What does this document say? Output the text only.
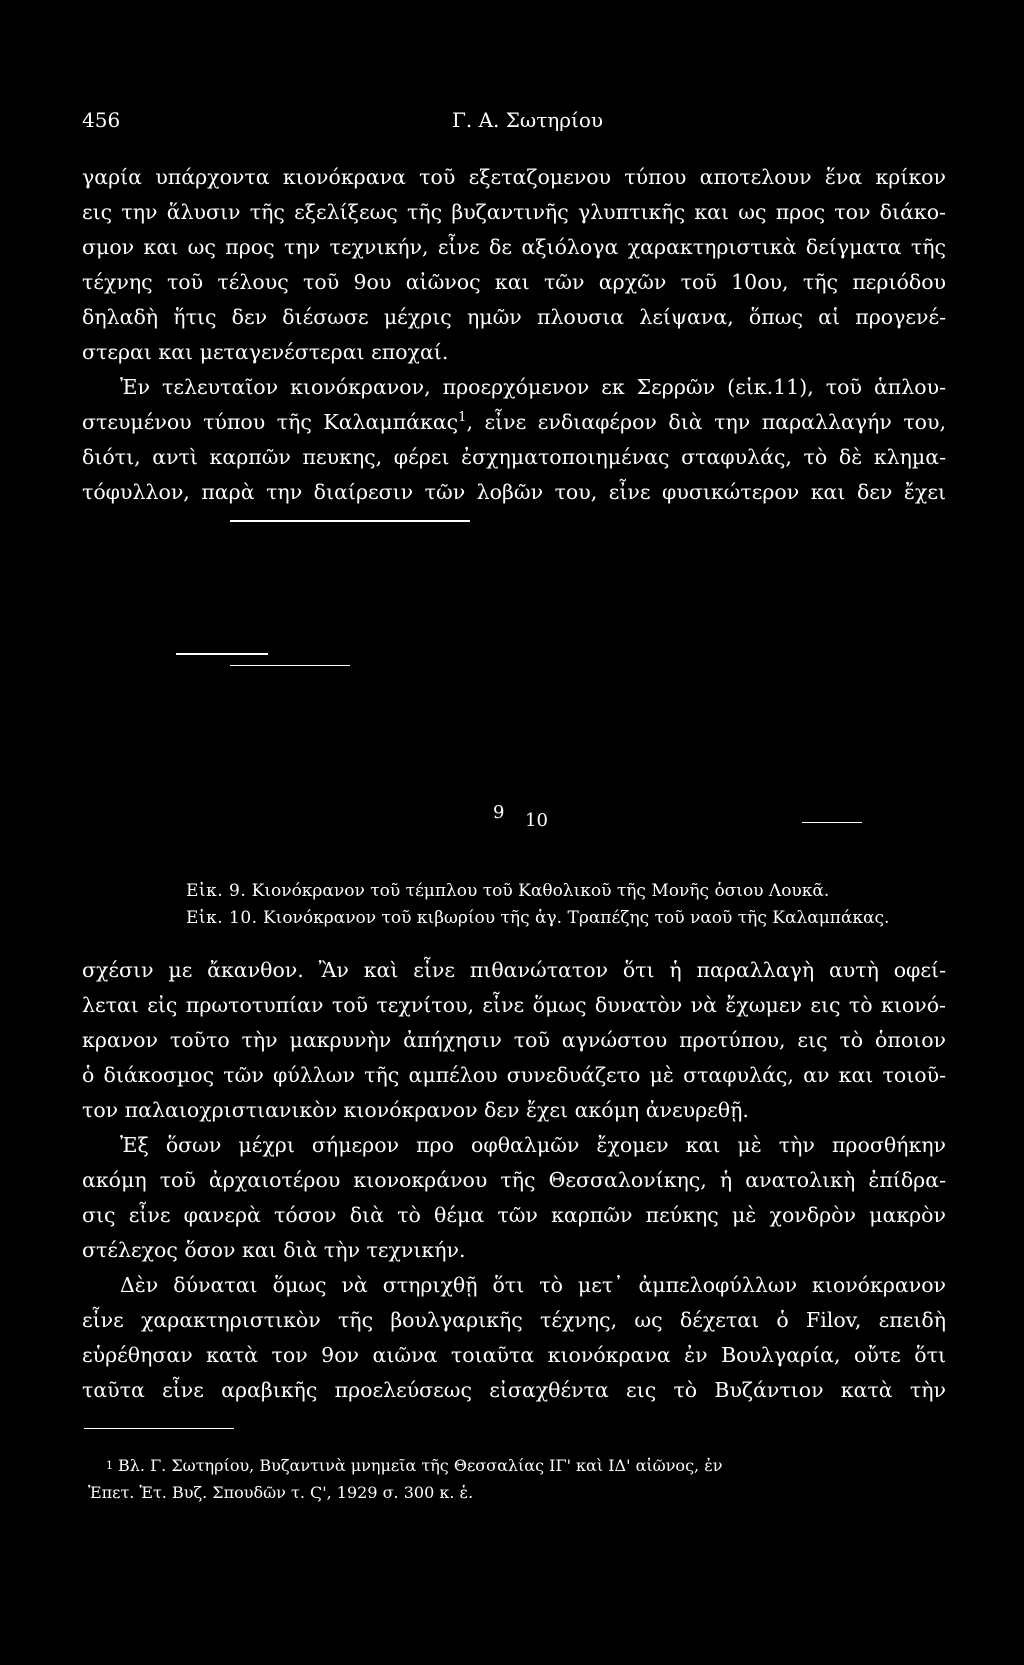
456	Γ. Α. Σωτηρίου
γαρία υπάρχοντα κιονόκρανα τοῦ εξεταζομενου τύπου αποτελουν ἕνα κρίκον
εις την ἅλυσιν τῆς εξελίξεως τῆς βυζαντινῆς γλυπτικῆς και ως προς τον διάκο-
σμον και ως προς την τεχνικήν, εἶνε δε αξιόλογα χαρακτηριστικὰ δείγματα τῆς
τέχνης τοῦ τέλους τοῦ 9ου αἰῶνος και τῶν αρχῶν τοῦ 10ου, τῆς περιόδου
δηλαδὴ ἥτις δεν διέσωσε μέχρις ημῶν πλουσια λείψανα, ὅπως αἱ προγενέ-
στεραι και μεταγενέστεραι εποχαί.
Ἐν τελευταῖον κιονόκρανον, προερχόμενον εκ Σερρῶν (εἰκ.11), τοῦ ἁπλου-
στευμένου τύπου τῆς Καλαμπάκας$^1$, εἶνε ενδιαφέρον διὰ την παραλλαγήν του,
διότι, αντὶ καρπῶν πευκης, φέρει ἐσχηματοποιημένας σταφυλάς, τὸ δὲ κληµα-
τόφυλλον, παρὰ την διαίρεσιν τῶν λοβῶν του, εἶνε φυσικώτερον και δεν ἔχει
9 10
Εἰκ. 9. Κιονόκρανον τοῦ τέμπλου τοῦ Καθολικοῦ τῆς Μονῆς ὁσιου Λουκᾶ.
Εἰκ. 10. Κιονόκρανον τοῦ κιβωρίου τῆς ἁγ. Τραπέζης τοῦ ναοῦ τῆς Καλαμπάκας.
σχέσιν µε ἄκανθον. Ἂν καὶ εἶνε πιθανώτατον ὅτι ἡ παραλλαγὴ αυτὴ οφεί-
λεται εἰς πρωτοτυπίαν τοῦ τεχνίτου, εἶνε ὅμως δυνατὸν νὰ ἔχωμεν εις τὸ κιονό-
κρανον τοῦτο τὴν μακρυνὴν ἀπήχησιν τοῦ αγνώστου προτύπου, εις τὸ ὁποιον
ὁ διάκοσµος τῶν φύλλων τῆς αμπέλου συνεδυάζετο μὲ σταφυλάς, αν και τοιοῦ-
τον παλαιοχριστιανικὸν κιονόκρανον δεν ἔχει ακόμη ἀνευρεθῇ.
Ἐξ ὅσων μέχρι σήμερον προ οφθαλμῶν ἔχομεν και μὲ τὴν προσθήκην
ακόμη τοῦ ἀρχαιοτέρου κιονοκράνου τῆς Θεσσαλονίκης, ἡ ανατολικὴ ἐπίδρα-
σις εἶνε φανερὰ τόσον διὰ τὸ θέμα τῶν καρπῶν πεύκης μὲ χονδρὸν μακρὸν
στέλεχος ὅσον και διὰ τὴν τεχνικήν.
Δὲν δύναται ὅμως νὰ στηριχθῇ ὅτι τὸ μετ᾽ ἀμπελοφύλλων κιονόκρανον
εἶνε χαρακτηριστικὸν τῆς βουλγαρικῆς τέχνης, ως δέχεται ὁ Filov, επειδὴ
εὑρέθησαν κατὰ τον 9ον αιῶνα τοιαῦτα κιονόκρανα ἐν Βουλγαρία, οὔτε ὅτι
ταῦτα εἶνε αραβικῆς προελεύσεως εἰσαχθέντα εις τὸ Βυζάντιον κατὰ τὴν
1 Βλ. Γ. Σωτηρίου, Βυζαντινὰ μνημεῖα τῆς Θεσσαλίας ΙΓ' καὶ ΙΔ' αἰῶνος, ἐν
Ἐπετ. Ἑτ. Βυζ. Σπουδῶν τ. Ϛ', 1929 σ. 300 κ. ἑ.
